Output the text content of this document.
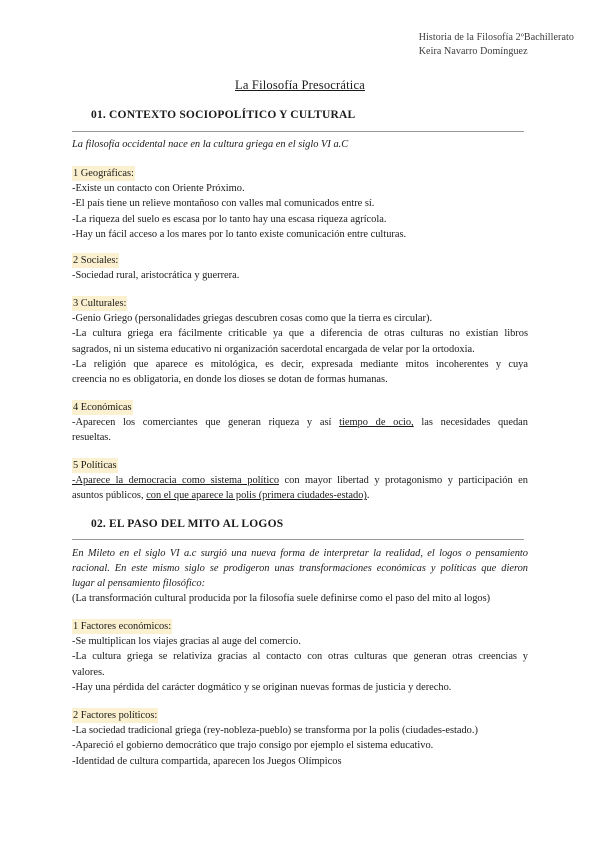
Historia de la Filosofía 2ºBachillerato
Keira Navarro Domínguez
La Filosofía Presocrática
01. CONTEXTO SOCIOPOLÍTICO Y CULTURAL
La filosofía occidental nace en la cultura griega en el siglo VI a.C
1 Geográficas:
-Existe un contacto con Oriente Próximo.
-El país tiene un relieve montañoso con valles mal comunicados entre sí.
-La riqueza del suelo es escasa por lo tanto hay una escasa riqueza agrícola.
-Hay un fácil acceso a los mares por lo tanto existe comunicación entre culturas.
2 Sociales:
-Sociedad rural, aristocrática y guerrera.
3 Culturales:
-Genio Griego (personalidades griegas descubren cosas como que la tierra es circular).
-La cultura griega era fácilmente criticable ya que a diferencia de otras culturas no existían libros
sagrados, ni un sistema educativo ni organización sacerdotal encargada de velar por la ortodoxia.
-La religión que aparece es mitológica, es decir, expresada mediante mitos incoherentes y cuya
creencia no es obligatoria, en donde los dioses se dotan de formas humanas.
4 Económicas
-Aparecen los comerciantes que generan riqueza y así tiempo de ocio, las necesidades quedan
resueltas.
5 Políticas
-Aparece la democracia como sistema político con mayor libertad y protagonismo y participación en
asuntos públicos, con el que aparece la polis (primera ciudades-estado).
02. EL PASO DEL MITO AL LOGOS
En Mileto en el siglo VI a.c surgió una nueva forma de interpretar la realidad, el logos o pensamiento
racional. En este mismo siglo se prodigeron unas transformaciones económicas y políticas que dieron
lugar al pensamiento filosófico:
(La transformación cultural producida por la filosofía suele definirse como el paso del mito al logos)
1 Factores económicos:
-Se multiplican los viajes gracias al auge del comercio.
-La cultura griega se relativiza gracias al contacto con otras culturas que generan otras creencias y
valores.
-Hay una pérdida del carácter dogmático y se originan nuevas formas de justicia y derecho.
2 Factores políticos:
-La sociedad tradicional griega (rey-nobleza-pueblo) se transforma por la polis (ciudades-estado.)
-Apareció el gobierno democrático que trajo consigo por ejemplo el sistema educativo.
-Identidad de cultura compartida, aparecen los Juegos Olímpicos
